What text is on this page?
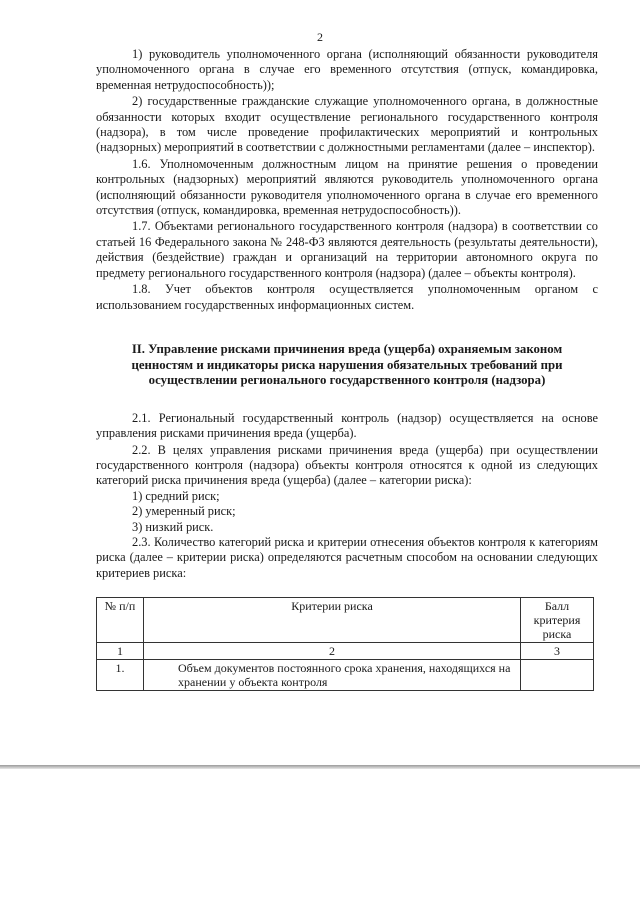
2

1) руководитель уполномоченного органа (исполняющий обязанности руководителя уполномоченного органа в случае его временного отсутствия (отпуск, командировка, временная нетрудоспособность));

2) государственные гражданские служащие уполномоченного органа, в должностные обязанности которых входит осуществление регионального государственного контроля (надзора), в том числе проведение профилактических мероприятий и контрольных (надзорных) мероприятий в соответствии с должностными регламентами (далее – инспектор).

1.6. Уполномоченным должностным лицом на принятие решения о проведении контрольных (надзорных) мероприятий являются руководитель уполномоченного органа (исполняющий обязанности руководителя уполномоченного органа в случае его временного отсутствия (отпуск, командировка, временная нетрудоспособность)).

1.7. Объектами регионального государственного контроля (надзора) в соответствии со статьей 16 Федерального закона № 248-ФЗ являются деятельность (результаты деятельности), действия (бездействие) граждан и организаций на территории автономного округа по предмету регионального государственного контроля (надзора) (далее – объекты контроля).

1.8. Учет объектов контроля осуществляется уполномоченным органом с использованием государственных информационных систем.

II. Управление рисками причинения вреда (ущерба) охраняемым законом ценностям и индикаторы риска нарушения обязательных требований при осуществлении регионального государственного контроля (надзора)

2.1. Региональный государственный контроль (надзор) осуществляется на основе управления рисками причинения вреда (ущерба).

2.2. В целях управления рисками причинения вреда (ущерба) при осуществлении государственного контроля (надзора) объекты контроля относятся к одной из следующих категорий риска причинения вреда (ущерба) (далее – категории риска):

1) средний риск;

2) умеренный риск;

3) низкий риск.

2.3. Количество категорий риска и критерии отнесения объектов контроля к категориям риска (далее – критерии риска) определяются расчетным способом на основании следующих критериев риска:

№ п/п	Критерии риска	Балл критерия риска
1	2	3
1.	Объем документов постоянного срока хранения, находящихся на хранении у объекта контроля	
